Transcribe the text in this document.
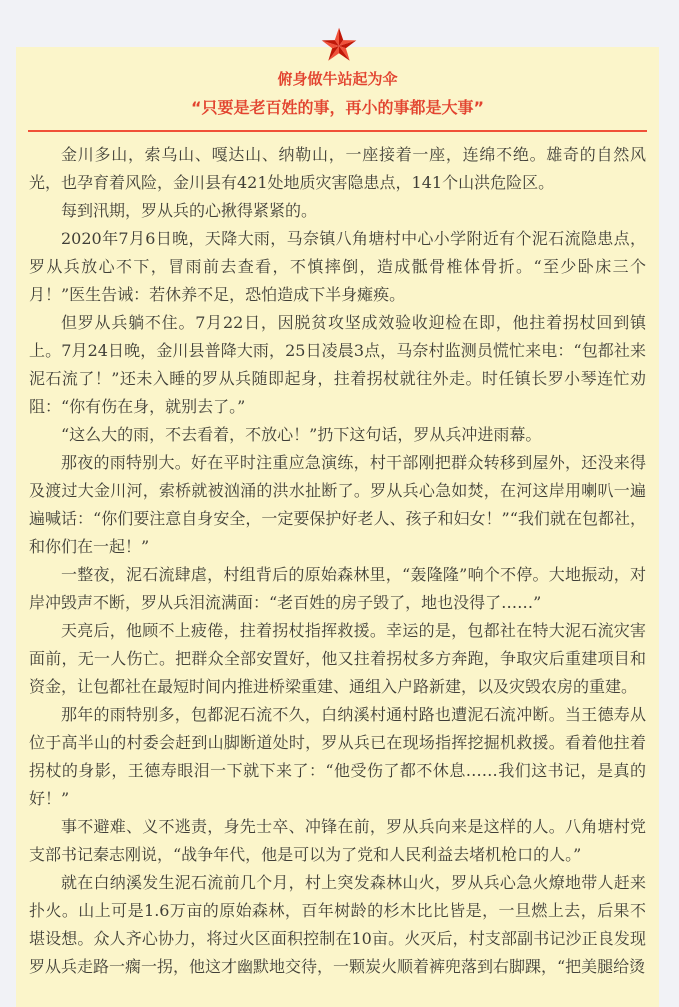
俯身做牛站起为伞
“只要是老百姓的事，再小的事都是大事”

金川多山，索乌山、嘎达山、纳勒山，一座接着一座，连绵不绝。雄奇的自然风光，也孕育着风险，金川县有421处地质灾害隐患点，141个山洪危险区。

每到汛期，罗从兵的心揪得紧紧的。

2020年7月6日晚，天降大雨，马奈镇八角塘村中心小学附近有个泥石流隐患点，罗从兵放心不下，冒雨前去查看，不慎摔倒，造成骶骨椎体骨折。“至少卧床三个月！”医生告诫：若休养不足，恐怕造成下半身瘫痪。

但罗从兵躺不住。7月22日，因脱贫攻坚成效验收迎检在即，他拄着拐杖回到镇上。7月24日晚，金川县普降大雨，25日凌晨3点，马奈村监测员慌忙来电：“包都社来泥石流了！”还未入睡的罗从兵随即起身，拄着拐杖就往外走。时任镇长罗小琴连忙劝阻：“你有伤在身，就别去了。”

“这么大的雨，不去看着，不放心！”扔下这句话，罗从兵冲进雨幕。

那夜的雨特别大。好在平时注重应急演练，村干部刚把群众转移到屋外，还没来得及渡过大金川河，索桥就被汹涌的洪水扯断了。罗从兵心急如焚，在河这岸用喇叭一遍遍喊话：“你们要注意自身安全，一定要保护好老人、孩子和妇女！”“我们就在包都社，和你们在一起！”

一整夜，泥石流肆虐，村组背后的原始森林里，“轰隆隆”响个不停。大地振动，对岸冲毁声不断，罗从兵泪流满面：“老百姓的房子毁了，地也没得了……”

天亮后，他顾不上疲倦，拄着拐杖指挥救援。幸运的是，包都社在特大泥石流灾害面前，无一人伤亡。把群众全部安置好，他又拄着拐杖多方奔跑，争取灾后重建项目和资金，让包都社在最短时间内推进桥梁重建、通组入户路新建，以及灾毁农房的重建。

那年的雨特别多，包都泥石流不久，白纳溪村通村路也遭泥石流冲断。当王德寿从位于高半山的村委会赶到山脚断道处时，罗从兵已在现场指挥挖掘机救援。看着他拄着拐杖的身影，王德寿眼泪一下就下来了：“他受伤了都不休息……我们这书记，是真的好！”

事不避难、义不逃责，身先士卒、冲锋在前，罗从兵向来是这样的人。八角塘村党支部书记秦志刚说，“战争年代，他是可以为了党和人民利益去堵机枪口的人。”

就在白纳溪发生泥石流前几个月，村上突发森林山火，罗从兵心急火燎地带人赶来扑火。山上可是1.6万亩的原始森林，百年树龄的杉木比比皆是，一旦燃上去，后果不堪设想。众人齐心协力，将过火区面积控制在10亩。火灭后，村支部副书记沙正良发现罗从兵走路一瘸一拐，他这才幽默地交待，一颗炭火顺着裤兜落到右脚踝，“把美腿给烫
